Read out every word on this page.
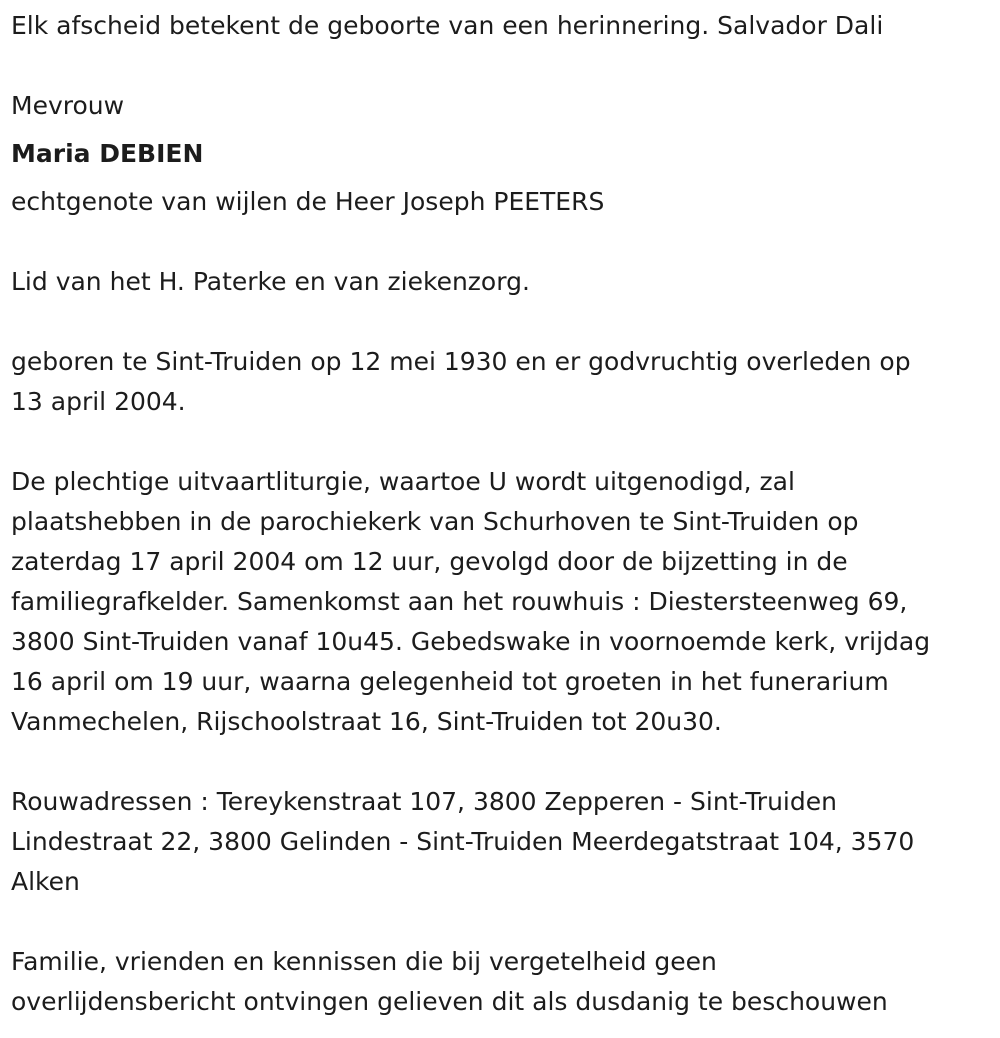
Elk afscheid betekent de geboorte van een herinnering. Salvador Dali
Mevrouw
Maria DEBIEN
echtgenote van wijlen de Heer Joseph PEETERS
Lid van het H. Paterke en van ziekenzorg.
geboren te Sint-Truiden op 12 mei 1930 en er godvruchtig overleden op
13 april 2004.
De plechtige uitvaartliturgie, waartoe U wordt uitgenodigd, zal
plaatshebben in de parochiekerk van Schurhoven te Sint-Truiden op
zaterdag 17 april 2004 om 12 uur, gevolgd door de bijzetting in de
familiegrafkelder. Samenkomst aan het rouwhuis : Diestersteenweg 69,
3800 Sint-Truiden vanaf 10u45. Gebedswake in voornoemde kerk, vrijdag
16 april om 19 uur, waarna gelegenheid tot groeten in het funerarium
Vanmechelen, Rijschoolstraat 16, Sint-Truiden tot 20u30.
Rouwadressen : Tereykenstraat 107, 3800 Zepperen - Sint-Truiden
Lindestraat 22, 3800 Gelinden - Sint-Truiden Meerdegatstraat 104, 3570
Alken
Familie, vrienden en kennissen die bij vergetelheid geen
overlijdensbericht ontvingen gelieven dit als dusdanig te beschouwen
